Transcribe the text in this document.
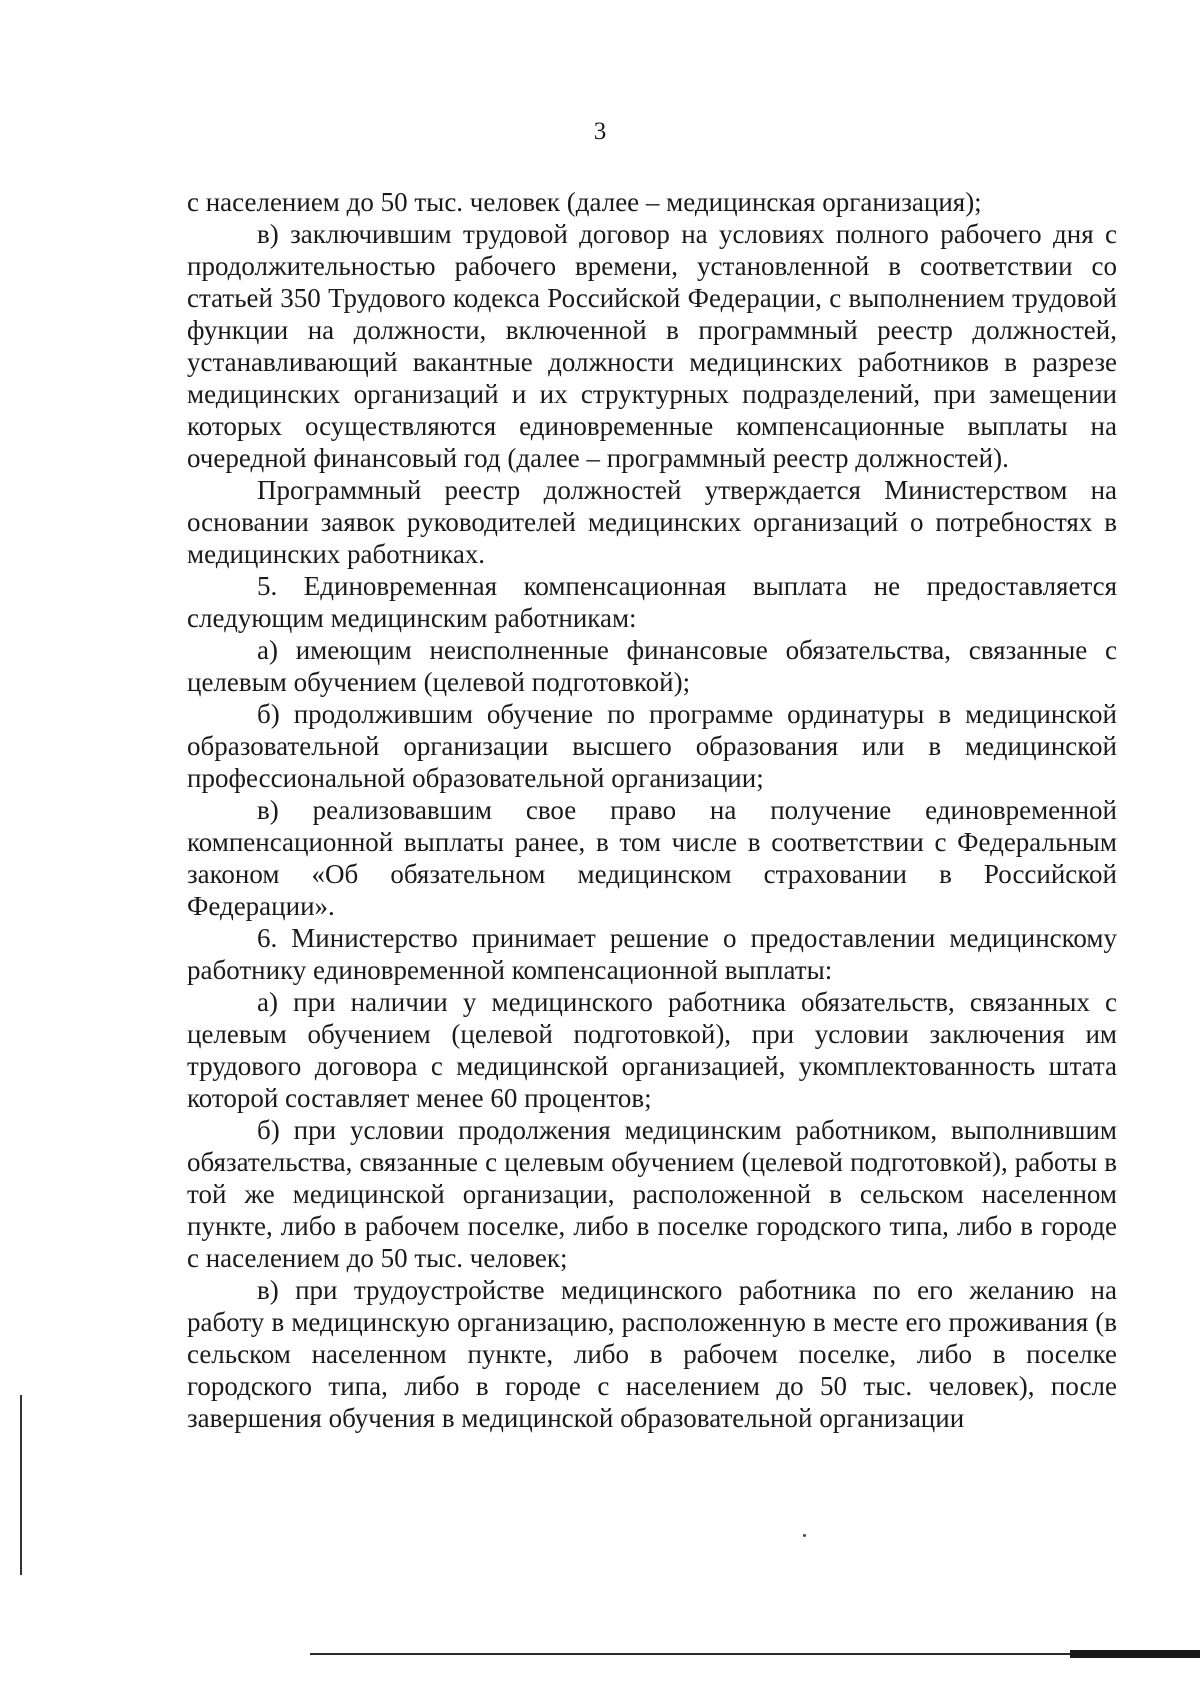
3

с населением до 50 тыс. человек (далее – медицинская организация);

в) заключившим трудовой договор на условиях полного рабочего дня с продолжительностью рабочего времени, установленной в соответствии со статьей 350 Трудового кодекса Российской Федерации, с выполнением трудовой функции на должности, включенной в программный реестр должностей, устанавливающий вакантные должности медицинских работников в разрезе медицинских организаций и их структурных подразделений, при замещении которых осуществляются единовременные компенсационные выплаты на очередной финансовый год (далее – программный реестр должностей).

Программный реестр должностей утверждается Министерством на основании заявок руководителей медицинских организаций о потребностях в медицинских работниках.

5. Единовременная компенсационная выплата не предоставляется следующим медицинским работникам:

а) имеющим неисполненные финансовые обязательства, связанные с целевым обучением (целевой подготовкой);

б) продолжившим обучение по программе ординатуры в медицинской образовательной организации высшего образования или в медицинской профессиональной образовательной организации;

в) реализовавшим свое право на получение единовременной компенсационной выплаты ранее, в том числе в соответствии с Федеральным законом «Об обязательном медицинском страховании в Российской Федерации».

6. Министерство принимает решение о предоставлении медицинскому работнику единовременной компенсационной выплаты:

а) при наличии у медицинского работника обязательств, связанных с целевым обучением (целевой подготовкой), при условии заключения им трудового договора с медицинской организацией, укомплектованность штата которой составляет менее 60 процентов;

б) при условии продолжения медицинским работником, выполнившим обязательства, связанные с целевым обучением (целевой подготовкой), работы в той же медицинской организации, расположенной в сельском населенном пункте, либо в рабочем поселке, либо в поселке городского типа, либо в городе с населением до 50 тыс. человек;

в) при трудоустройстве медицинского работника по его желанию на работу в медицинскую организацию, расположенную в месте его проживания (в сельском населенном пункте, либо в рабочем поселке, либо в поселке городского типа, либо в городе с населением до 50 тыс. человек), после завершения обучения в медицинской образовательной организации
